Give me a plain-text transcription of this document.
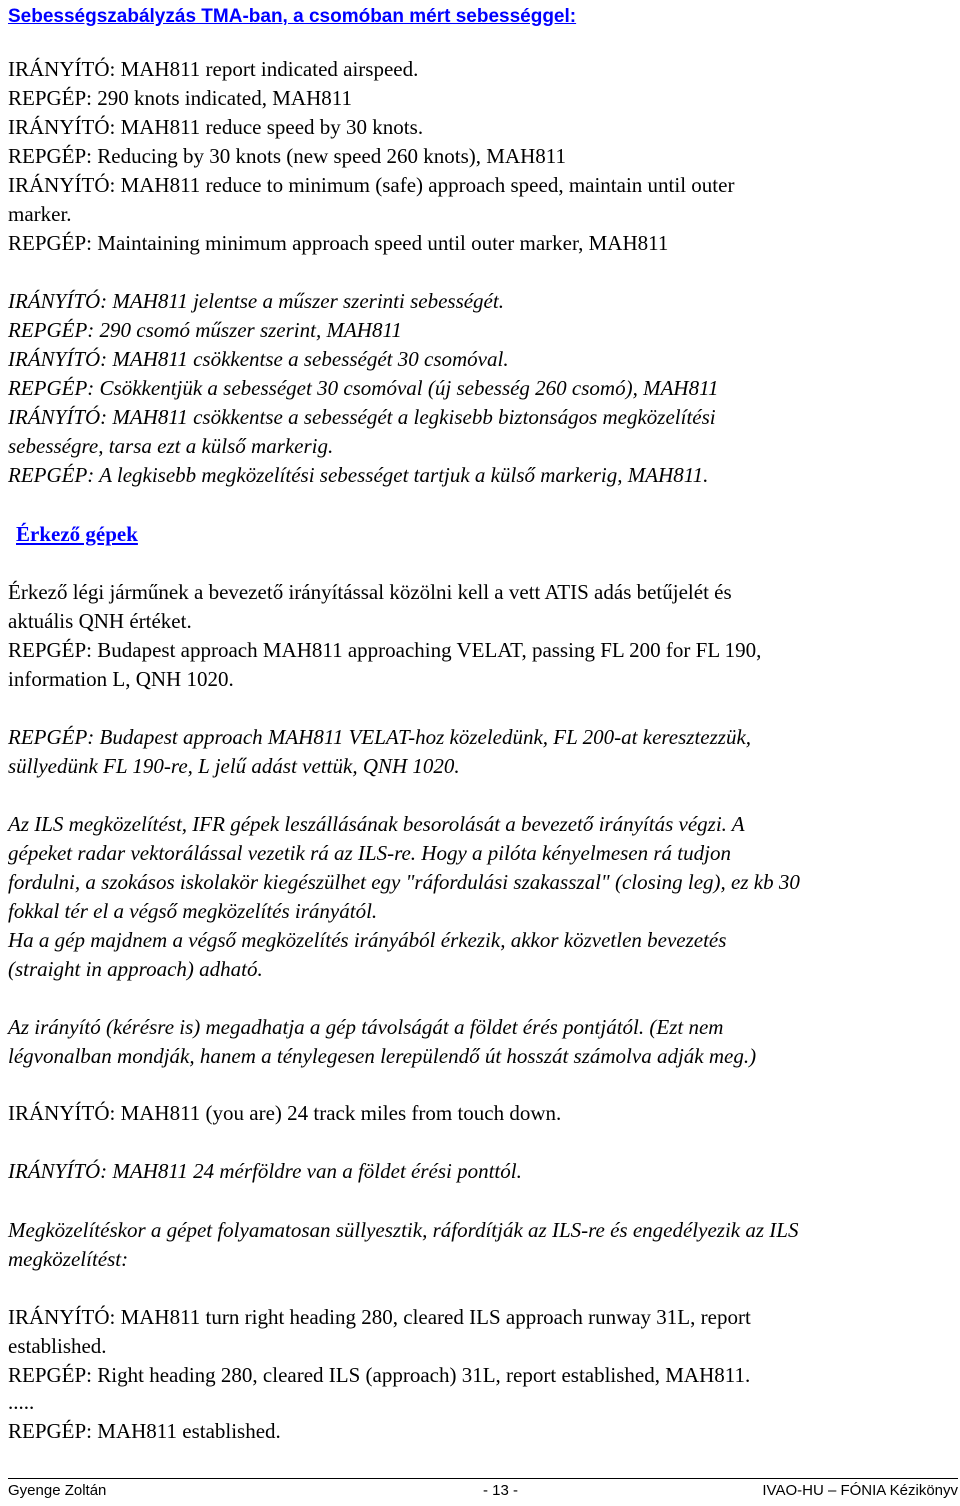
Sebességszabályzás TMA-ban, a csomóban mért sebességgel:
IRÁNYÍTÓ: MAH811 report indicated airspeed.
REPGÉP: 290 knots indicated, MAH811
IRÁNYÍTÓ: MAH811 reduce speed by 30 knots.
REPGÉP: Reducing by 30 knots (new speed 260 knots), MAH811
IRÁNYÍTÓ: MAH811 reduce to minimum (safe) approach speed, maintain until outer
marker.
REPGÉP: Maintaining minimum approach speed until outer marker, MAH811
IRÁNYÍTÓ: MAH811 jelentse a műszer szerinti sebességét.
REPGÉP: 290 csomó műszer szerint, MAH811
IRÁNYÍTÓ: MAH811 csökkentse a sebességét 30 csomóval.
REPGÉP: Csökkentjük a sebességet 30 csomóval (új sebesség 260 csomó), MAH811
IRÁNYÍTÓ: MAH811 csökkentse a sebességét a legkisebb biztonságos megközelítési
sebességre, tarsa ezt a külső markerig.
REPGÉP: A legkisebb megközelítési sebességet tartjuk a külső markerig, MAH811.
Érkező gépek
Érkező légi járműnek a bevezető irányítással közölni kell a vett ATIS adás betűjelét és
aktuális QNH értéket.
REPGÉP: Budapest approach MAH811 approaching VELAT, passing FL 200 for FL 190,
information L, QNH 1020.
REPGÉP: Budapest approach MAH811 VELAT-hoz közeledünk, FL 200-at keresztezzük,
süllyedünk FL 190-re, L jelű adást vettük, QNH 1020.
Az ILS megközelítést, IFR gépek leszállásának besorolását a bevezető irányítás végzi. A
gépeket radar vektorálással vezetik rá az ILS-re. Hogy a pilóta kényelmesen rá tudjon
fordulni, a szokásos iskolakör kiegészülhet egy "ráfordulási szakasszal" (closing leg), ez kb 30
fokkal tér el a végső megközelítés irányától.
Ha a gép majdnem a végső megközelítés irányából érkezik, akkor közvetlen bevezetés
(straight in approach) adható.
Az irányító (kérésre is) megadhatja a gép távolságát a földet érés pontjától. (Ezt nem
légvonalban mondják, hanem a ténylegesen lerepülendő út hosszát számolva adják meg.)
IRÁNYÍTÓ: MAH811 (you are) 24 track miles from touch down.
IRÁNYÍTÓ: MAH811 24 mérföldre van a földet érési ponttól.
Megközelítéskor a gépet folyamatosan süllyesztik, ráfordítják az ILS-re és engedélyezik az ILS
megközelítést:
IRÁNYÍTÓ: MAH811 turn right heading 280, cleared ILS approach runway 31L, report
established.
REPGÉP: Right heading 280, cleared ILS (approach) 31L, report established, MAH811.
.....
REPGÉP: MAH811 established.
Gyenge Zoltán	- 13 -	IVAO-HU – FÓNIA Kézikönyv
